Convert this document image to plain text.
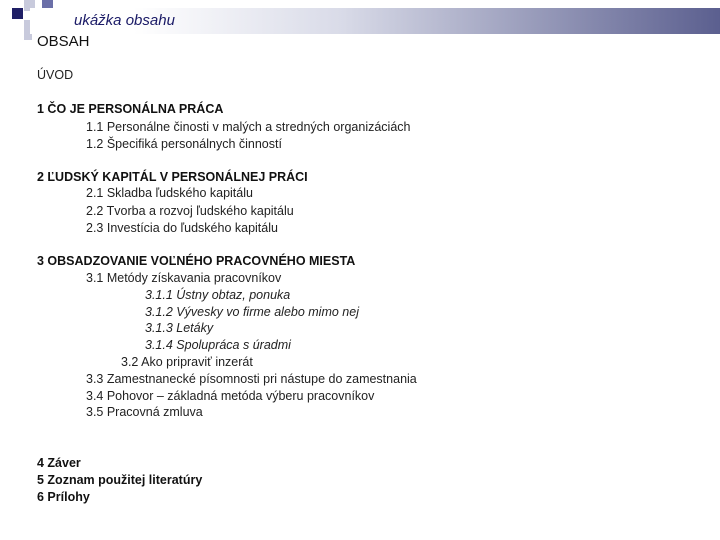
ukážka obsahu
OBSAH
ÚVOD
1 ČO JE PERSONÁLNA PRÁCA
1.1 Personálne činosti v malých a stredných organizáciách
1.2 Špecifiká personálnych činností
2 ĽUDSKÝ KAPITÁL V PERSONÁLNEJ PRÁCI
2.1 Skladba ľudského kapitálu
2.2 Tvorba a rozvoj ľudského kapitálu
2.3 Investícia do ľudského kapitálu
3 OBSADZOVANIE VOĽNÉHO PRACOVNÉHO MIESTA
3.1 Metódy získavania pracovníkov
3.1.1 Ústny obtaz, ponuka
3.1.2 Vývesky vo firme alebo mimo nej
3.1.3 Letáky
3.1.4 Spolupráca s úradmi
3.2 Ako pripraviť inzerát
3.3 Zamestnanecké písomnosti pri nástupe do zamestnania
3.4 Pohovor – základná metóda výberu pracovníkov
3.5 Pracovná zmluva
4 Záver
5 Zoznam použitej literatúry
6 Prílohy
